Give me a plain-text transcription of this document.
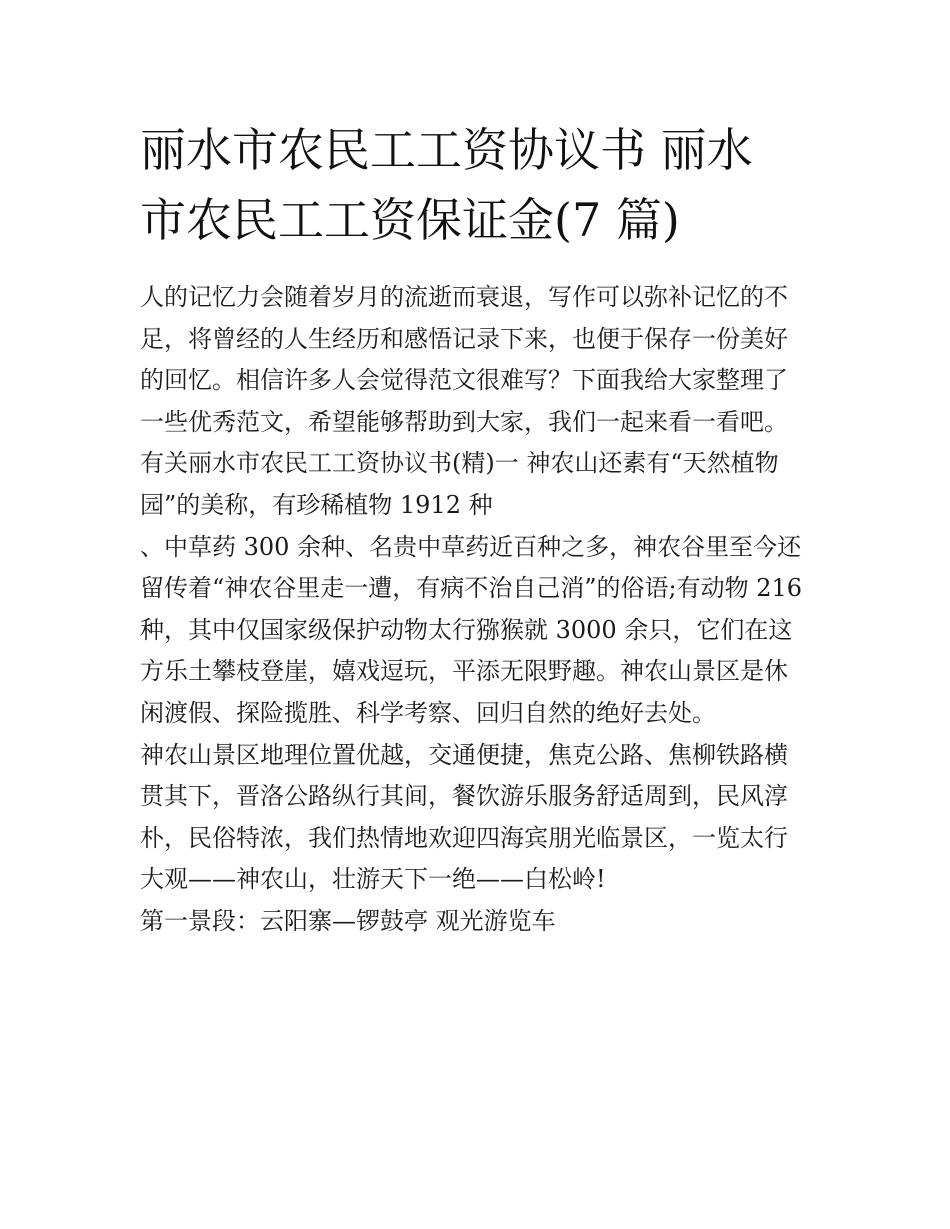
丽水市农民工工资协议书 丽水
市农民工工资保证金(7 篇)
人的记忆力会随着岁月的流逝而衰退，写作可以弥补记忆的不
足，将曾经的人生经历和感悟记录下来，也便于保存一份美好
的回忆。相信许多人会觉得范文很难写？下面我给大家整理了
一些优秀范文，希望能够帮助到大家，我们一起来看一看吧。
有关丽水市农民工工资协议书(精)一 神农山还素有“天然植物
园”的美称，有珍稀植物 1912 种
、中草药 300 余种、名贵中草药近百种之多，神农谷里至今还
留传着“神农谷里走一遭，有病不治自己消”的俗语;有动物 216
种，其中仅国家级保护动物太行猕猴就 3000 余只，它们在这
方乐土攀枝登崖，嬉戏逗玩，平添无限野趣。神农山景区是休
闲渡假、探险揽胜、科学考察、回归自然的绝好去处。
神农山景区地理位置优越，交通便捷，焦克公路、焦柳铁路横
贯其下，晋洛公路纵行其间，餐饮游乐服务舒适周到，民风淳
朴，民俗特浓，我们热情地欢迎四海宾朋光临景区，一览太行
大观——神农山，壮游天下一绝——白松岭!
第一景段：云阳寨—锣鼓亭 观光游览车
